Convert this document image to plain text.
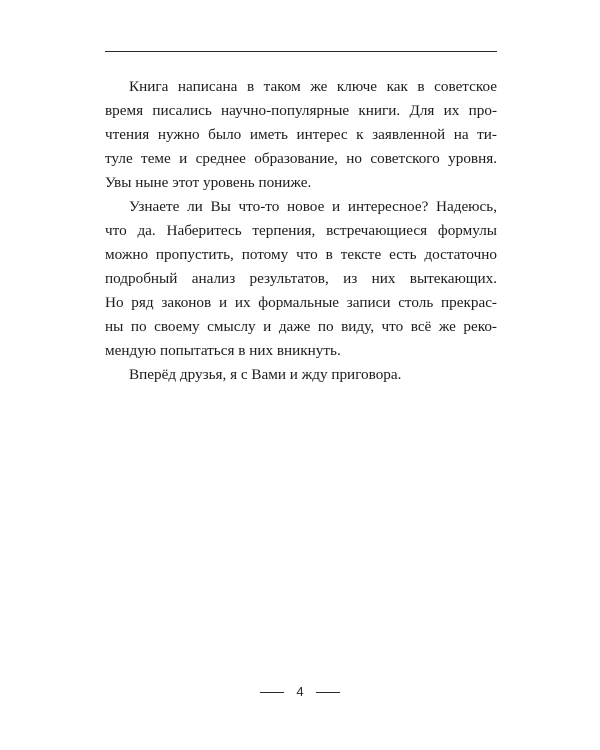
Книга написана в таком же ключе как в советское
время писались научно-популярные книги. Для их про-
чтения нужно было иметь интерес к заявленной на ти-
туле теме и среднее образование, но советского уровня.
Увы ныне этот уровень пониже.
Узнаете ли Вы что-то новое и интересное? Надеюсь,
что да. Наберитесь терпения, встречающиеся формулы
можно пропустить, потому что в тексте есть достаточно
подробный анализ результатов, из них вытекающих.
Но ряд законов и их формальные записи столь прекрас-
ны по своему смыслу и даже по виду, что всё же реко-
мендую попытаться в них вникнуть.
Вперёд друзья, я с Вами и жду приговора.
4
